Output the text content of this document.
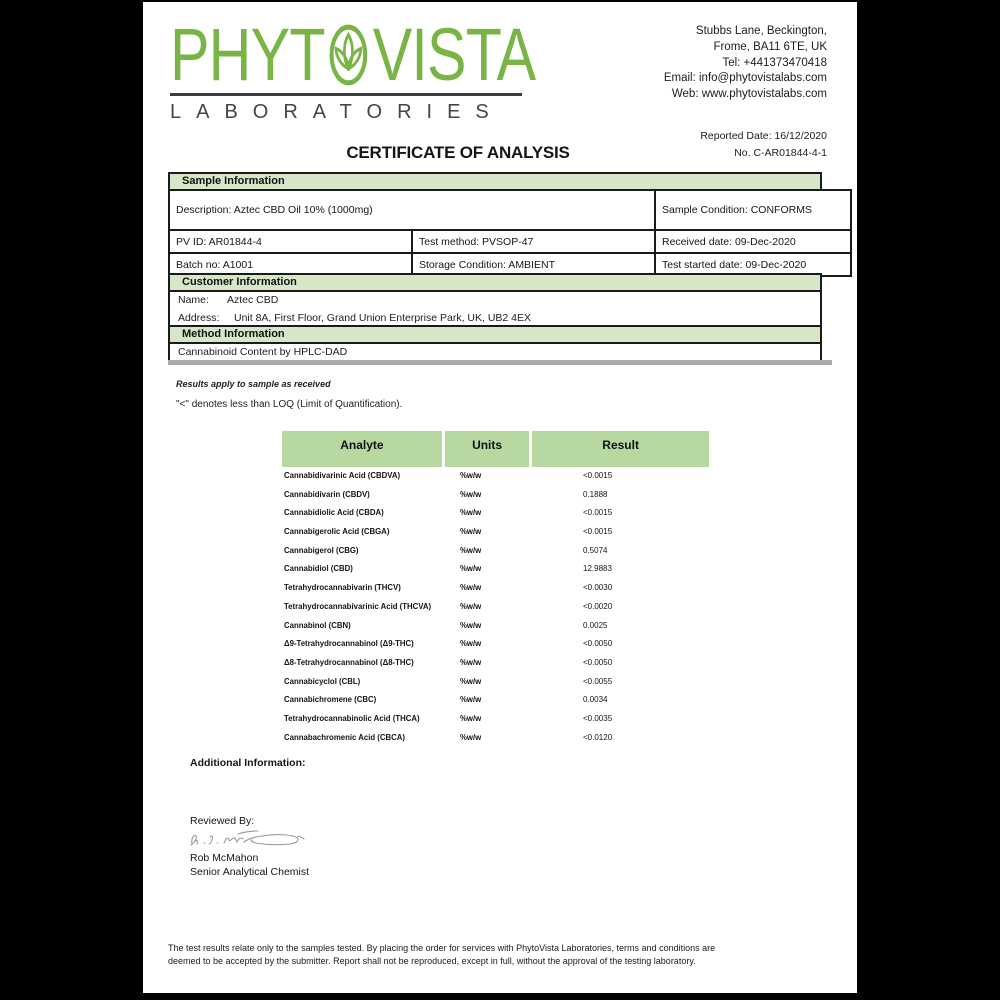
PHYT VISTA
LABORATORIES
Stubbs Lane, Beckington,
Frome, BA11 6TE, UK
Tel: +441373470418
Email: info@phytovistalabs.com
Web: www.phytovistalabs.com
Reported Date: 16/12/2020
No. C-AR01844-4-1
CERTIFICATE OF ANALYSIS
Sample Information
Description: Aztec CBD Oil 10% (1000mg)		Sample Condition: CONFORMS
PV ID: AR01844-4	Test method: PVSOP-47	Received date: 09-Dec-2020
Batch no: A1001	Storage Condition: AMBIENT	Test started date: 09-Dec-2020
Customer Information
Name:	Aztec CBD
Address:	Unit 8A, First Floor, Grand Union Enterprise Park, UK, UB2 4EX
Method Information
Cannabinoid Content by HPLC-DAD
Results apply to sample as received
"<" denotes less than LOQ (Limit of Quantification).
Analyte	Units	Result
Cannabidivarinic Acid (CBDVA)	%w/w	<0.0015
Cannabidivarin (CBDV)	%w/w	0.1888
Cannabidiolic Acid (CBDA)	%w/w	<0.0015
Cannabigerolic Acid (CBGA)	%w/w	<0.0015
Cannabigerol (CBG)	%w/w	0.5074
Cannabidiol (CBD)	%w/w	12.9883
Tetrahydrocannabivarin (THCV)	%w/w	<0.0030
Tetrahydrocannabivarinic Acid (THCVA)	%w/w	<0.0020
Cannabinol (CBN)	%w/w	0.0025
Δ9-Tetrahydrocannabinol (Δ9-THC)	%w/w	<0.0050
Δ8-Tetrahydrocannabinol (Δ8-THC)	%w/w	<0.0050
Cannabicyclol (CBL)	%w/w	<0.0055
Cannabichromene (CBC)	%w/w	0.0034
Tetrahydrocannabinolic Acid (THCA)	%w/w	<0.0035
Cannabachromenic Acid (CBCA)	%w/w	<0.0120
Additional Information:
Reviewed By:
Rob McMahon
Senior Analytical Chemist
The test results relate only to the samples tested. By placing the order for services with PhytoVista Laboratories, terms and conditions are
deemed to be accepted by the submitter. Report shall not be reproduced, except in full, without the approval of the testing laboratory.
